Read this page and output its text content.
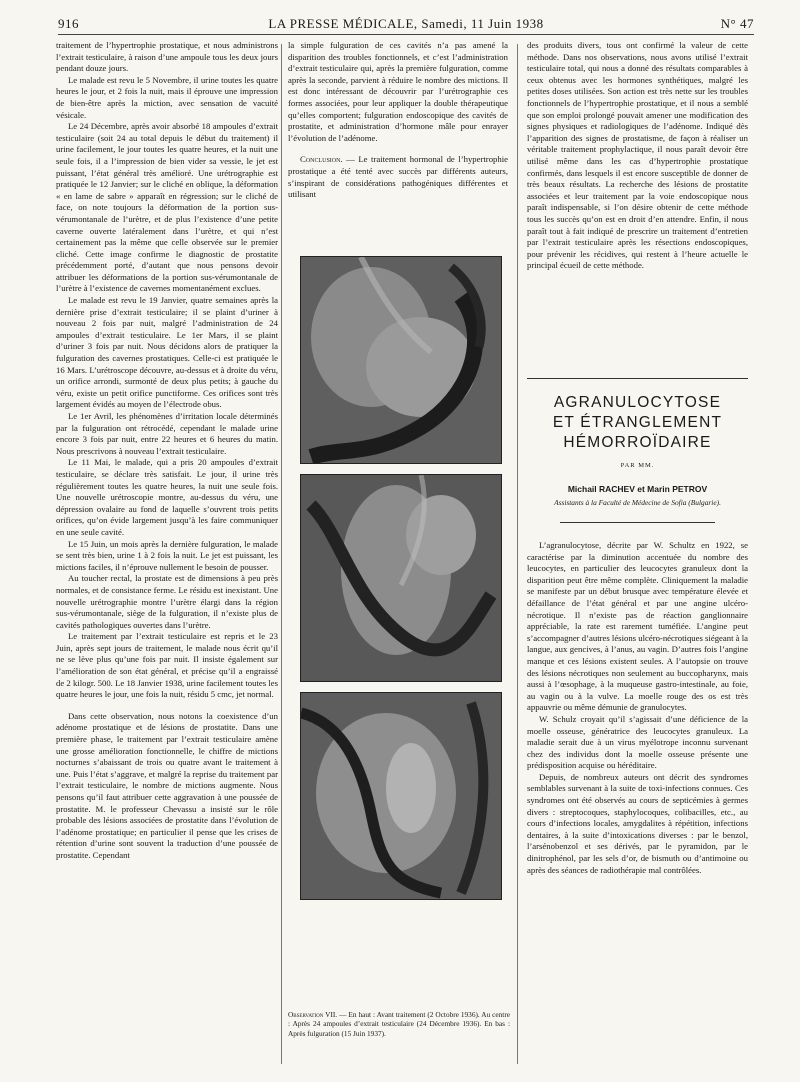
916	LA PRESSE MÉDICALE, Samedi, 11 Juin 1938	N° 47

traitement de l’hypertrophie prostatique, et nous administrons l’extrait testiculaire, à raison d’une ampoule tous les deux jours pendant douze jours.

Le malade est revu le 5 Novembre, il urine toutes les quatre heures le jour, et 2 fois la nuit, mais il éprouve une impression de bien-être après la miction, avec sensation de vacuité vésicale.

Le 24 Décembre, après avoir absorbé 18 ampoules d’extrait testiculaire (soit 24 au total depuis le début du traitement) il urine facilement, le jour toutes les quatre heures, et la nuit une seule fois, il a l’impression de bien vider sa vessie, le jet est puissant, l’état général très amélioré. Une urétrographie est pratiquée le 12 Janvier; sur le cliché en oblique, la déformation « en lame de sabre » apparaît en régression; sur le cliché de face, on note toujours la déformation de la portion sus-vérumontanale de l’urètre, et de plus l’existence d’une petite caverne ouverte latéralement dans l’urètre, et qui n’est certainement pas la même que celle observée sur le premier cliché. Cette image confirme le diagnostic de prostatite précédemment porté, d’autant que nous pensons devoir attribuer les déformations de la portion sus-vérumontanale de l’urètre à l’existence de cavernes momentanément exclues.

Le malade est revu le 19 Janvier, quatre semaines après la dernière prise d’extrait testiculaire; il se plaint d’uriner à nouveau 2 fois par nuit, malgré l’administration de 24 ampoules d’extrait testiculaire. Le 1er Mars, il se plaint d’uriner 3 fois par nuit. Nous décidons alors de pratiquer la fulguration des cavernes prostatiques. Celle-ci est pratiquée le 16 Mars. L’urétroscope découvre, au-dessus et à droite du véru, un orifice arrondi, surmonté de deux plus petits; à gauche du véru, existe un petit orifice punctiforme. Ces orifices sont très largement évidés au moyen de l’électrode obus.

Le 1er Avril, les phénomènes d’irritation locale déterminés par la fulguration ont rétrocédé, cependant le malade urine encore 3 fois par nuit, entre 22 heures et 6 heures du matin. Nous prescrivons à nouveau l’extrait testiculaire.

Le 11 Mai, le malade, qui a pris 20 ampoules d’extrait testiculaire, se déclare très satisfait. Le jour, il urine très régulièrement toutes les quatre heures, la nuit une seule fois. Une nouvelle urétroscopie montre, au-dessus du véru, une dépression ovalaire au fond de laquelle s’ouvrent trois petits orifices, qu’on évide largement jusqu’à les faire communiquer en une seule cavité.

Le 15 Juin, un mois après la dernière fulguration, le malade se sent très bien, urine 1 à 2 fois la nuit. Le jet est puissant, les mictions faciles, il n’éprouve nullement le besoin de pousser.

Au toucher rectal, la prostate est de dimensions à peu près normales, et de consistance ferme. Le résidu est inexistant. Une nouvelle urétrographie montre l’urètre élargi dans la région sus-vérumontanale, siège de la fulguration, il n’existe plus de cavités pathologiques ouvertes dans l’urètre.

Le traitement par l’extrait testiculaire est repris et le 23 Juin, après sept jours de traitement, le malade nous écrit qu’il ne se lève plus qu’une fois par nuit. Il insiste également sur l’amélioration de son état général, et précise qu’il a engraissé de 2 kilogr. 500. Le 18 Janvier 1938, urine facilement toutes les quatre heures le jour, une fois la nuit, résidu 5 cmc, jet normal.

Dans cette observation, nous notons la coexistence d’un adénome prostatique et de lésions de prostatite. Dans une première phase, le traitement par l’extrait testiculaire amène une grosse amélioration fonctionnelle, le chiffre de mictions nocturnes s’abaissant de trois ou quatre avant le traitement à une. Puis l’état s’aggrave, et malgré la reprise du traitement par l’extrait testiculaire, le nombre de mictions augmente. Nous pensons qu’il faut attribuer cette aggravation à une poussée de prostatite. M. le professeur Chevassu a insisté sur le rôle probable des lésions associées de prostatite dans l’évolution de l’adénome prostatique; en particulier il pense que les crises de rétention d’urine sont souvent la traduction d’une poussée de prostatite. Cependant

la simple fulguration de ces cavités n’a pas amené la disparition des troubles fonctionnels, et c’est l’administration d’extrait testiculaire qui, après la première fulguration, comme après la seconde, parvient à réduire le nombre des mictions. Il est donc intéressant de découvrir par l’urétrographie ces formes associées, pour leur appliquer la double thérapeutique qu’elles comportent; fulguration endoscopique des cavités de prostatite, et administration d’hormone mâle pour enrayer l’évolution de l’adénome.

Conclusion. — Le traitement hormonal de l’hypertrophie prostatique a été tenté avec succès par différents auteurs, s’inspirant de considérations pathogéniques différentes et utilisant

Observation VII. — En haut : Avant traitement (2 Octobre 1936). Au centre : Après 24 ampoules d’extrait testiculaire (24 Décembre 1936). En bas : Après fulguration (15 Juin 1937).

des produits divers, tous ont confirmé la valeur de cette méthode. Dans nos observations, nous avons utilisé l’extrait testiculaire total, qui nous a donné des résultats comparables à ceux obtenus avec les hormones synthétiques, malgré les petites doses utilisées. Son action est très nette sur les troubles fonctionnels de l’hypertrophie prostatique, et il nous a semblé que son emploi prolongé pouvait amener une modification des signes physiques et radiologiques de l’adénome. Indiqué dès l’apparition des signes de prostatisme, de façon à réaliser un véritable traitement prophylactique, il nous paraît devoir être utilisé même dans les cas d’hypertrophie prostatique confirmés, dans lesquels il est encore susceptible de donner de très beaux résultats. La recherche des lésions de prostatite associées et leur traitement par la voie endoscopique nous paraît indispensable, si l’on désire obtenir de cette méthode tous les succès qu’on est en droit d’en attendre. Enfin, il nous paraît tout à fait indiqué de prescrire un traitement d’entretien par l’extrait testiculaire après les résections endoscopiques, pour prévenir les récidives, qui restent à l’heure actuelle le principal écueil de cette méthode.

AGRANULOCYTOSE
ET ÉTRANGLEMENT
HÉMORROÏDAIRE
PAR MM.
Michail RACHEV et Marin PETROV
Assistants à la Faculté de Médecine de Sofia (Bulgarie).

L’agranulocytose, décrite par W. Schultz en 1922, se caractérise par la diminution accentuée du nombre des leucocytes, en particulier des leucocytes granuleux dont la disparition peut être même complète. Cliniquement la maladie se manifeste par un début brusque avec température élevée et défaillance de l’état général et par une angine ulcéro-nécrotique. Il n’existe pas de réaction ganglionnaire appréciable, la rate est rarement tuméfiée. L’angine peut s’accompagner d’autres lésions ulcéro-nécrotiques siégeant à la langue, aux gencives, à l’anus, au vagin. D’autres fois l’angine manque et ces lésions existent seules. A l’autopsie on trouve des lésions nécrotiques non seulement au buccopharynx, mais aussi à l’œsophage, à la muqueuse gastro-intestinale, au foie, au vagin ou à la vulve. La moelle rouge des os est très appauvrie ou même démunie de granulocytes.

W. Schulz croyait qu’il s’agissait d’une déficience de la moelle osseuse, génératrice des leucocytes granuleux. La maladie serait due à un virus myélotrope inconnu survenant chez des individus dont la moelle osseuse présente une prédisposition acquise ou héréditaire.

Depuis, de nombreux auteurs ont décrit des syndromes semblables survenant à la suite de toxi-infections connues. Ces syndromes ont été observés au cours de septicémies à germes divers : streptocoques, staphylocoques, colibacilles, etc., au cours d’infections locales, amygdalites à répétition, infections dentaires, à la suite d’intoxications diverses : par le benzol, l’arsénobenzol et ses dérivés, par le pyramidon, par le dinitrophénol, par les sels d’or, de bismuth ou d’antimoine ou après des séances de radiothérapie mal contrôlées.
